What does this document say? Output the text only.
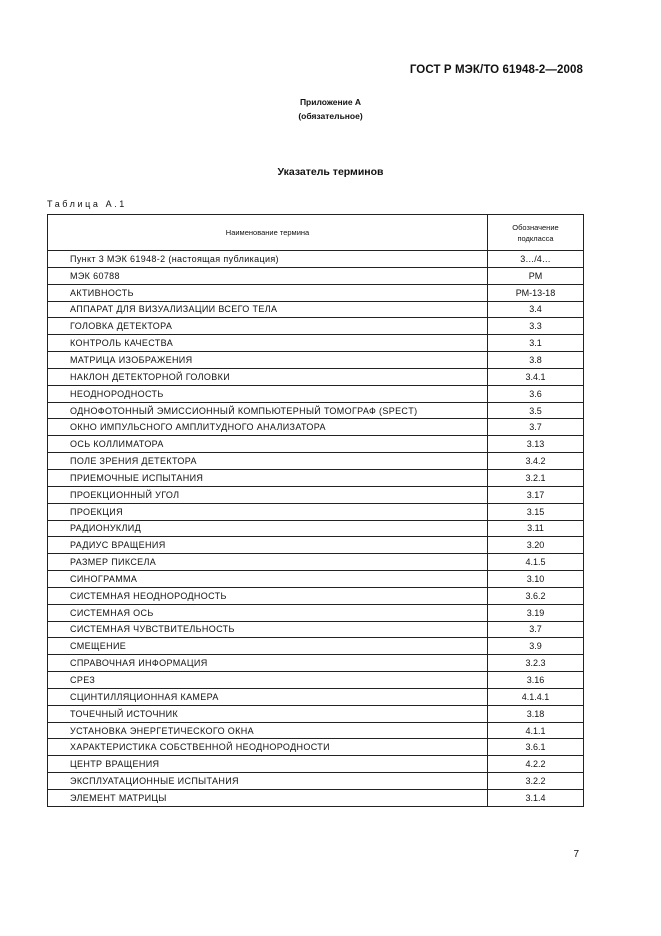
ГОСТ Р МЭК/ТО 61948-2—2008
Приложение А
(обязательное)
Указатель терминов
Таблица А.1
Наименование термина	Обозначение подкласса
Пункт 3 МЭК 61948-2 (настоящая публикация)	3…/4…
МЭК 60788	РМ
АКТИВНОСТЬ	РМ-13-18
АППАРАТ ДЛЯ ВИЗУАЛИЗАЦИИ ВСЕГО ТЕЛА	3.4
ГОЛОВКА ДЕТЕКТОРА	3.3
КОНТРОЛЬ КАЧЕСТВА	3.1
МАТРИЦА ИЗОБРАЖЕНИЯ	3.8
НАКЛОН ДЕТЕКТОРНОЙ ГОЛОВКИ	3.4.1
НЕОДНОРОДНОСТЬ	3.6
ОДНОФОТОННЫЙ ЭМИССИОННЫЙ КОМПЬЮТЕРНЫЙ ТОМОГРАФ (SPECT)	3.5
ОКНО ИМПУЛЬСНОГО АМПЛИТУДНОГО АНАЛИЗАТОРА	3.7
ОСЬ КОЛЛИМАТОРА	3.13
ПОЛЕ ЗРЕНИЯ ДЕТЕКТОРА	3.4.2
ПРИЕМОЧНЫЕ ИСПЫТАНИЯ	3.2.1
ПРОЕКЦИОННЫЙ УГОЛ	3.17
ПРОЕКЦИЯ	3.15
РАДИОНУКЛИД	3.11
РАДИУС ВРАЩЕНИЯ	3.20
РАЗМЕР ПИКСЕЛА	4.1.5
СИНОГРАММА	3.10
СИСТЕМНАЯ НЕОДНОРОДНОСТЬ	3.6.2
СИСТЕМНАЯ ОСЬ	3.19
СИСТЕМНАЯ ЧУВСТВИТЕЛЬНОСТЬ	3.7
СМЕЩЕНИЕ	3.9
СПРАВОЧНАЯ ИНФОРМАЦИЯ	3.2.3
СРЕЗ	3.16
СЦИНТИЛЛЯЦИОННАЯ КАМЕРА	4.1.4.1
ТОЧЕЧНЫЙ ИСТОЧНИК	3.18
УСТАНОВКА ЭНЕРГЕТИЧЕСКОГО ОКНА	4.1.1
ХАРАКТЕРИСТИКА СОБСТВЕННОЙ НЕОДНОРОДНОСТИ	3.6.1
ЦЕНТР ВРАЩЕНИЯ	4.2.2
ЭКСПЛУАТАЦИОННЫЕ ИСПЫТАНИЯ	3.2.2
ЭЛЕМЕНТ МАТРИЦЫ	3.1.4
7
